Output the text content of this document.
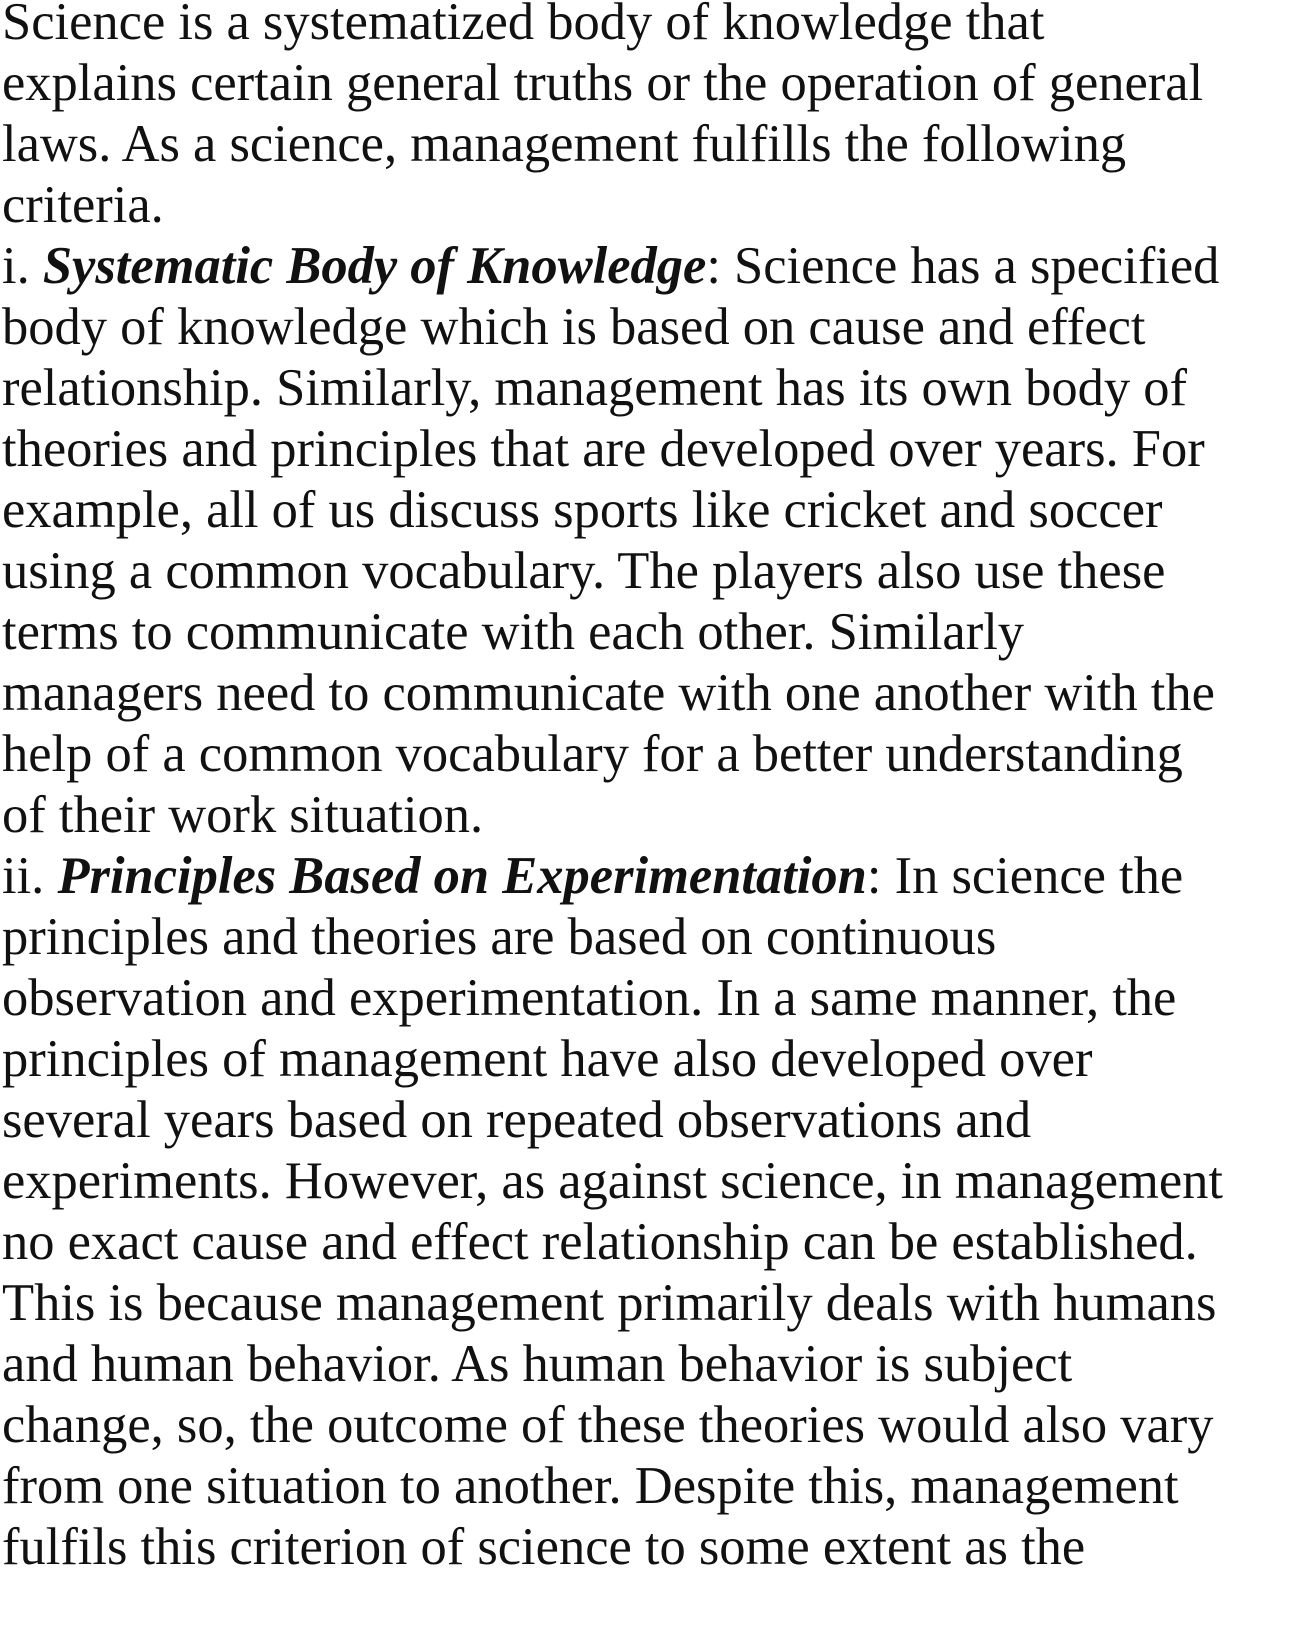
Science is a systematized body of knowledge that
explains certain general truths or the operation of general
laws. As a science, management fulfills the following
criteria.
i. Systematic Body of Knowledge: Science has a specified
body of knowledge which is based on cause and effect
relationship. Similarly, management has its own body of
theories and principles that are developed over years. For
example, all of us discuss sports like cricket and soccer
using a common vocabulary. The players also use these
terms to communicate with each other. Similarly
managers need to communicate with one another with the
help of a common vocabulary for a better understanding
of their work situation.
ii. Principles Based on Experimentation: In science the
principles and theories are based on continuous
observation and experimentation. In a same manner, the
principles of management have also developed over
several years based on repeated observations and
experiments. However, as against science, in management
no exact cause and effect relationship can be established.
This is because management primarily deals with humans
and human behavior. As human behavior is subject
change, so, the outcome of these theories would also vary
from one situation to another. Despite this, management
fulfils this criterion of science to some extent as the
